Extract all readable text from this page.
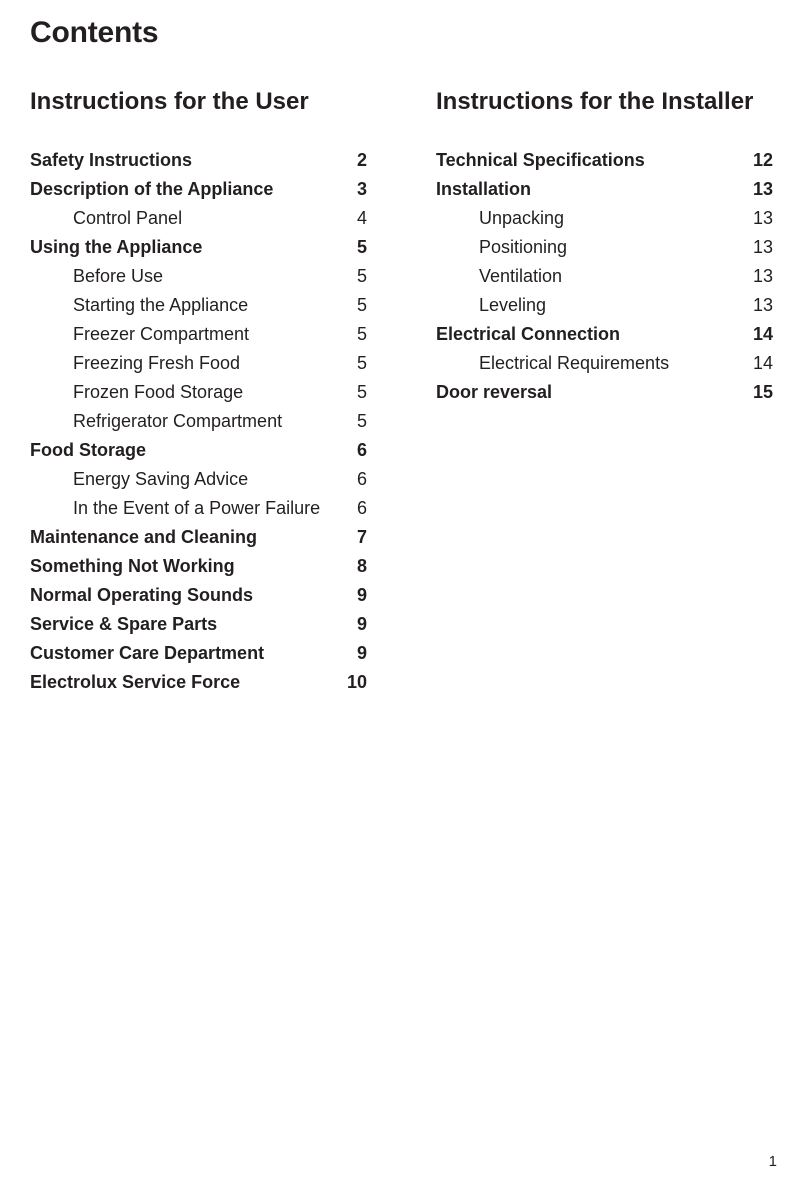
Contents
Instructions for the User
Safety Instructions	2
Description of the Appliance	3
Control Panel	4
Using the Appliance	5
Before Use	5
Starting the Appliance	5
Freezer Compartment	5
Freezing Fresh Food	5
Frozen Food Storage	5
Refrigerator Compartment	5
Food Storage	6
Energy Saving Advice	6
In the Event of a Power Failure 6
Maintenance and Cleaning	7
Something Not Working	8
Normal Operating Sounds	9
Service & Spare Parts	9
Customer Care Department	9
Electrolux Service Force	10
Instructions for the Installer
Technical Specifications	12
Installation	13
Unpacking	13
Positioning	13
Ventilation	13
Leveling	13
Electrical Connection	14
Electrical Requirements	14
Door reversal	15
1
